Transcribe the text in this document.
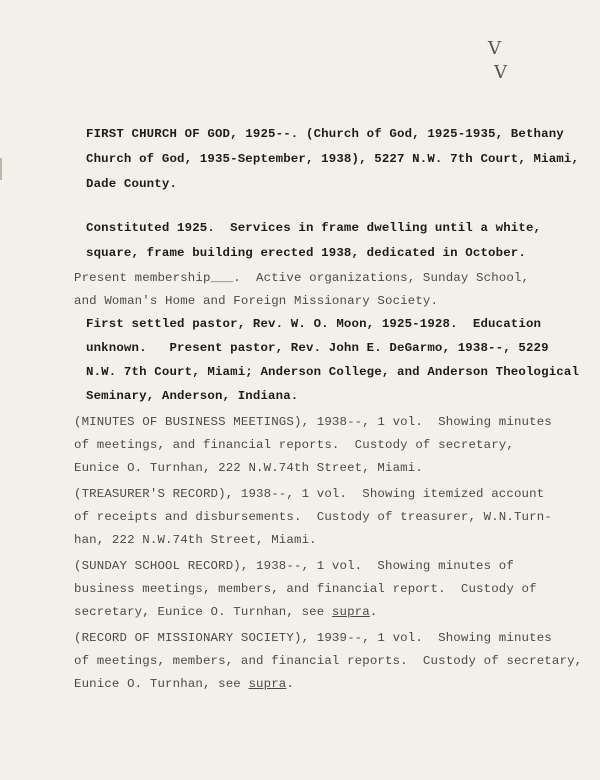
V
V
FIRST CHURCH OF GOD, 1925--. (Church of God, 1925-1935, Bethany
Church of God, 1935-September, 1938), 5227 N.W. 7th Court, Miami,
Dade County.
Constituted 1925.  Services in frame dwelling until a white,
square, frame building erected 1938, dedicated in October.
Present membership___.  Active organizations, Sunday School,
and Woman's Home and Foreign Missionary Society.
First settled pastor, Rev. W. O. Moon, 1925-1928.  Education
unknown.   Present pastor, Rev. John E. DeGarmo, 1938--, 5229
N.W. 7th Court, Miami; Anderson College, and Anderson Theological
Seminary, Anderson, Indiana.
(MINUTES OF BUSINESS MEETINGS), 1938--, 1 vol.  Showing minutes
of meetings, and financial reports.  Custody of secretary,
Eunice O. Turnhan, 222 N.W.74th Street, Miami.
(TREASURER'S RECORD), 1938--, 1 vol.  Showing itemized account
of receipts and disbursements.  Custody of treasurer, W.N.Turn-
han, 222 N.W.74th Street, Miami.
(SUNDAY SCHOOL RECORD), 1938--, 1 vol.  Showing minutes of
business meetings, members, and financial report.  Custody of
secretary, Eunice O. Turnhan, see supra.
(RECORD OF MISSIONARY SOCIETY), 1939--, 1 vol.  Showing minutes
of meetings, members, and financial reports.  Custody of secretary,
Eunice O. Turnhan, see supra.
